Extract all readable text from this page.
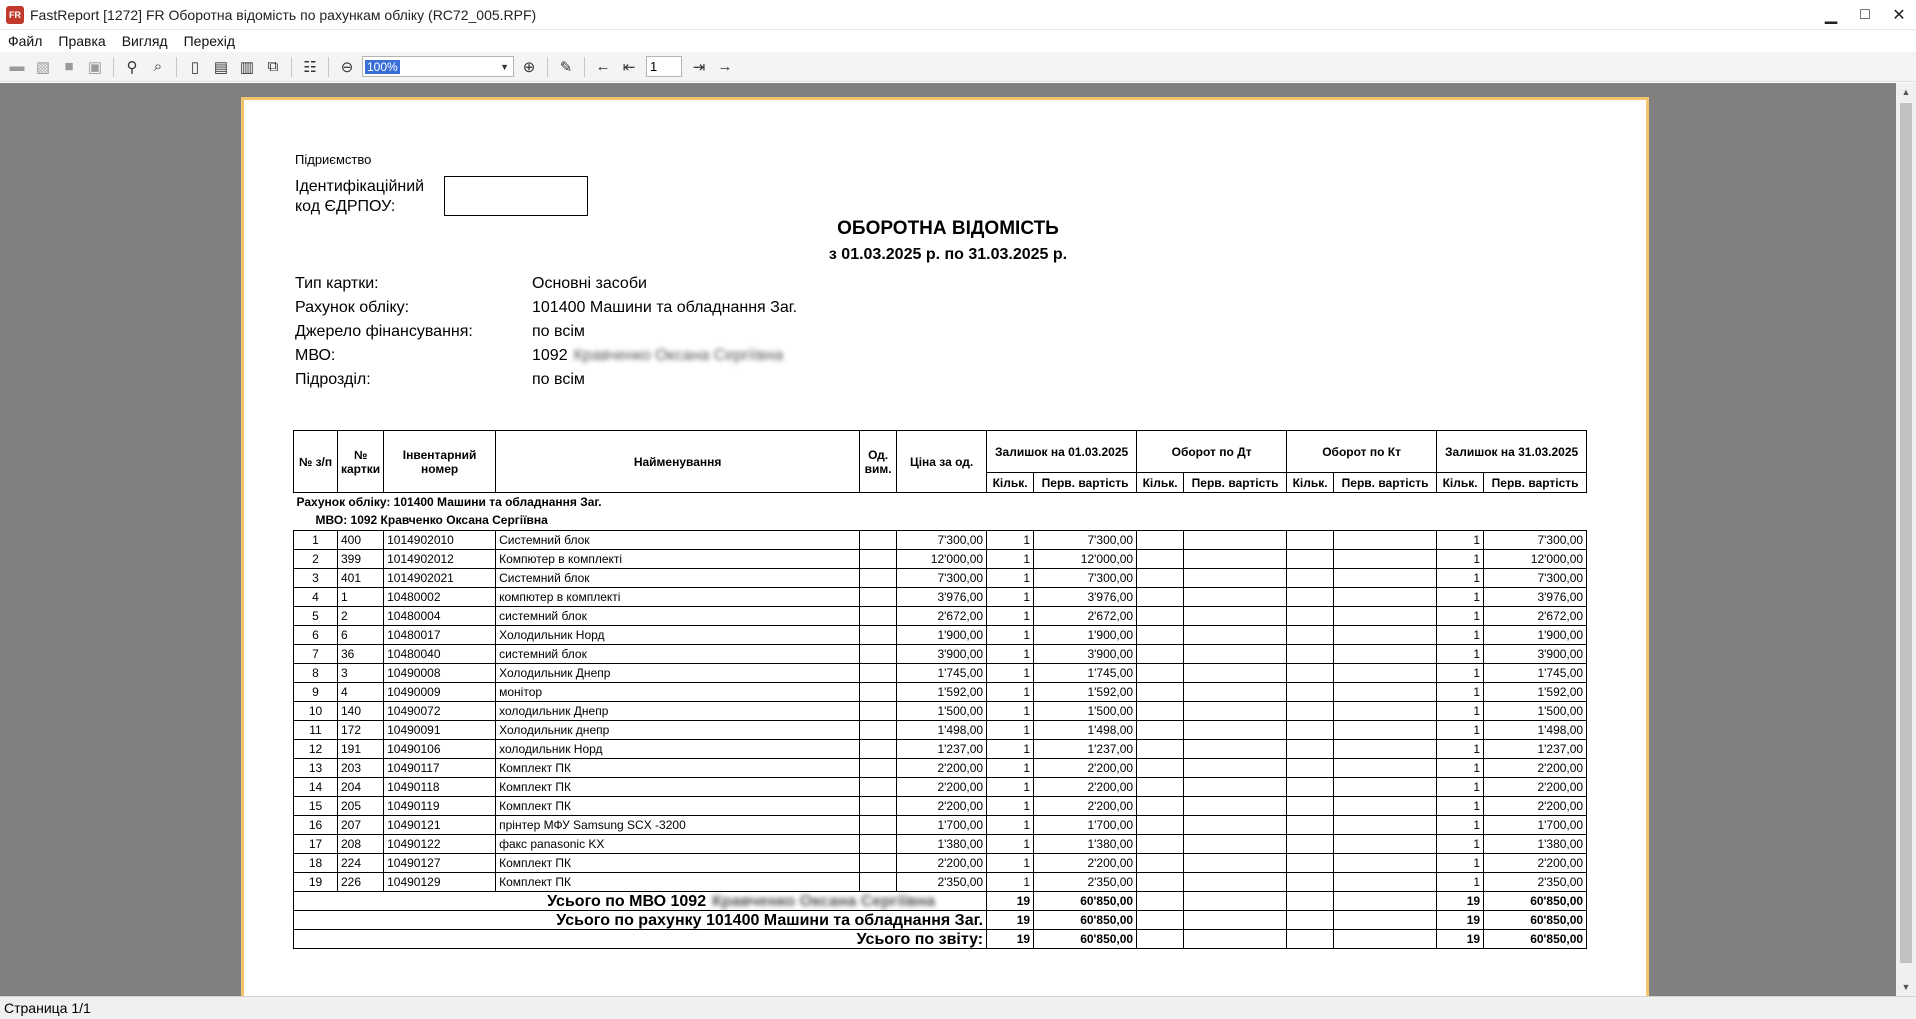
FR FastReport [1272] FR Оборотна відомість по рахункам обліку (RC72_005.RPF)	▁	□	✕
Файл	Правка	Вигляд	Перехід
▬ ▧ ■ ▣	⚲	⌕	▯ ▤ ▥ ⧉	☷	⊖	100%	▼ ⊕	✎	← ⇤	1	⇥ →
Підриємство
Ідентифікаційний
код ЄДРПОУ:
ОБОРОТНА ВІДОМІСТЬ
з 01.03.2025 р. по 31.03.2025 р.
Тип картки:	Основні засоби
Рахунок обліку:	101400 Машини та обладнання Заг.
Джерело фінансування:	по всім
МВО:	1092 Кравченко Оксана Сергіївна
Підрозділ:	по всім
№ з/п	№ картки	Інвентарний номер	Найменування	Од. вим.	Ціна за од.	Залишок на 01.03.2025		Оборот по Дт		Оборот по Кт		Залишок на 31.03.2025	
						Кільк.	Перв. вартість	Кільк.	Перв. вартість	Кільк.	Перв. вартість	Кільк.	Перв. вартість
Рахунок обліку: 101400 Машини та обладнання Заг.													
МВО: 1092 Кравченко Оксана Сергіївна													
1	400	1014902010	Системний блок		7'300,00	1	7'300,00					1	7'300,00
2	399	1014902012	Компютер в комплекті		12'000,00	1	12'000,00					1	12'000,00
3	401	1014902021	Системний блок		7'300,00	1	7'300,00					1	7'300,00
4	1	10480002	компютер в комплекті		3'976,00	1	3'976,00					1	3'976,00
5	2	10480004	системний блок		2'672,00	1	2'672,00					1	2'672,00
6	6	10480017	Холодильник Норд		1'900,00	1	1'900,00					1	1'900,00
7	36	10480040	системний блок		3'900,00	1	3'900,00					1	3'900,00
8	3	10490008	Холодильник Днепр		1'745,00	1	1'745,00					1	1'745,00
9	4	10490009	монітор		1'592,00	1	1'592,00					1	1'592,00
10	140	10490072	холодильник Днепр		1'500,00	1	1'500,00					1	1'500,00
11	172	10490091	Холодильник днепр		1'498,00	1	1'498,00					1	1'498,00
12	191	10490106	холодильник Норд		1'237,00	1	1'237,00					1	1'237,00
13	203	10490117	Комплект ПК		2'200,00	1	2'200,00					1	2'200,00
14	204	10490118	Комплект ПК		2'200,00	1	2'200,00					1	2'200,00
15	205	10490119	Комплект ПК		2'200,00	1	2'200,00					1	2'200,00
16	207	10490121	прінтер МФУ Samsung SCX -3200		1'700,00	1	1'700,00					1	1'700,00
17	208	10490122	факс panasonic KX		1'380,00	1	1'380,00					1	1'380,00
18	224	10490127	Комплект ПК		2'200,00	1	2'200,00					1	2'200,00
19	226	10490129	Комплект ПК		2'350,00	1	2'350,00					1	2'350,00
Усього по МВО 1092 Кравченко Оксана Сергіївна						19	60'850,00					19	60'850,00
Усього по рахунку 101400 Машини та обладнання Заг.						19	60'850,00					19	60'850,00
Усього по звіту:						19	60'850,00					19	60'850,00
▲
▼
Страница 1/1
